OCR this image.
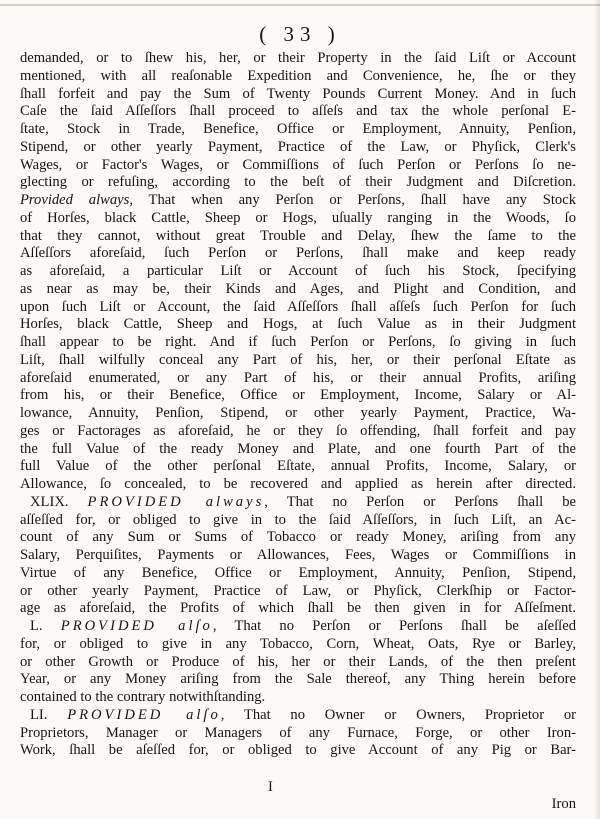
( 33 )
demanded, or to ſhew his, her, or their Property in the ſaid Liſt or Account
mentioned, with all reaſonable Expedition and Convenience, he, ſhe or they
ſhall forfeit and pay the Sum of Twenty Pounds Current Money. And in ſuch
Caſe the ſaid Aſſeſſors ſhall proceed to aſſeſs and tax the whole perſonal E-
ſtate, Stock in Trade, Benefice, Office or Employment, Annuity, Penſion,
Stipend, or other yearly Payment, Practice of the Law, or Phyſick, Clerk's
Wages, or Factor's Wages, or Commiſſions of ſuch Perſon or Perſons ſo ne-
glecting or refuſing, according to the beſt of their Judgment and Diſcretion.
Provided always, That when any Perſon or Perſons, ſhall have any Stock
of Horſes, black Cattle, Sheep or Hogs, uſually ranging in the Woods, ſo
that they cannot, without great Trouble and Delay, ſhew the ſame to the
Aſſeſſors aforeſaid, ſuch Perſon or Perſons, ſhall make and keep ready
as aforeſaid, a particular Liſt or Account of ſuch his Stock, ſpecifying
as near as may be, their Kinds and Ages, and Plight and Condition, and
upon ſuch Liſt or Account, the ſaid Aſſeſſors ſhall aſſeſs ſuch Perſon for ſuch
Horſes, black Cattle, Sheep and Hogs, at ſuch Value as in their Judgment
ſhall appear to be right. And if ſuch Perſon or Perſons, ſo giving in ſuch
Liſt, ſhall wilfully conceal any Part of his, her, or their perſonal Eſtate as
aforeſaid enumerated, or any Part of his, or their annual Profits, ariſing
from his, or their Benefice, Office or Employment, Income, Salary or Al-
lowance, Annuity, Penſion, Stipend, or other yearly Payment, Practice, Wa-
ges or Factorages as aforeſaid, he or they ſo offending, ſhall forfeit and pay
the full Value of the ready Money and Plate, and one fourth Part of the
full Value of the other perſonal Eſtate, annual Profits, Income, Salary, or
Allowance, ſo concealed, to be recovered and applied as herein after directed.
XLIX. PROVIDED always, That no Perſon or Perſons ſhall be
aſſeſſed for, or obliged to give in to the ſaid Aſſeſſors, in ſuch Liſt, an Ac-
count of any Sum or Sums of Tobacco or ready Money, ariſing from any
Salary, Perquiſites, Payments or Allowances, Fees, Wages or Commiſſions in
Virtue of any Benefice, Office or Employment, Annuity, Penſion, Stipend,
or other yearly Payment, Practice of Law, or Phyſick, Clerkſhip or Factor-
age as aforeſaid, the Profits of which ſhall be then given in for Aſſeſment.
L. PROVIDED alſo, That no Perſon or Perſons ſhall be aſeſſed
for, or obliged to give in any Tobacco, Corn, Wheat, Oats, Rye or Barley,
or other Growth or Produce of his, her or their Lands, of the then preſent
Year, or any Money ariſing from the Sale thereof, any Thing herein before
contained to the contrary notwithſtanding.
LI. PROVIDED alſo, That no Owner or Owners, Proprietor or
Proprietors, Manager or Managers of any Furnace, Forge, or other Iron-
Work, ſhall be aſeſſed for, or obliged to give Account of any Pig or Bar-
I
Iron
